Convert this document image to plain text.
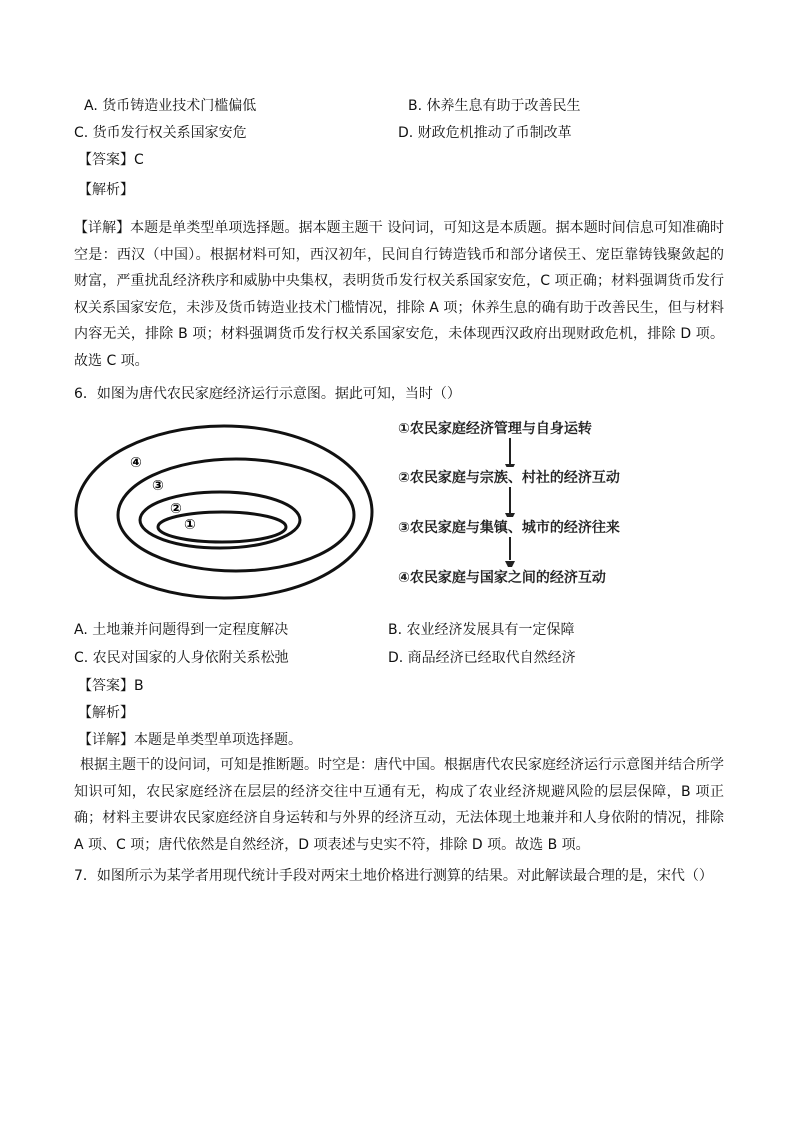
A. 货币铸造业技术门槛偏低	B. 休养生息有助于改善民生
C. 货币发行权关系国家安危	D. 财政危机推动了币制改革
【答案】C
【解析】
【详解】本题是单类型单项选择题。据本题主题干 设问词，可知这是本质题。据本题时间信息可知准确时空是：西汉（中国）。根据材料可知，西汉初年，民间自行铸造钱币和部分诸侯王、宠臣靠铸钱聚敛起的财富，严重扰乱经济秩序和威胁中央集权，表明货币发行权关系国家安危，C 项正确；材料强调货币发行权关系国家安危，未涉及货币铸造业技术门槛情况，排除 A 项；休养生息的确有助于改善民生，但与材料内容无关，排除 B 项；材料强调货币发行权关系国家安危，未体现西汉政府出现财政危机，排除 D 项。故选 C 项。
6．如图为唐代农民家庭经济运行示意图。据此可知，当时（）
①
②
③
④
①农民家庭经济管理与自身运转
②农民家庭与宗族、村社的经济互动
③农民家庭与集镇、城市的经济往来
④农民家庭与国家之间的经济互动
A. 土地兼并问题得到一定程度解决	B. 农业经济发展具有一定保障
C. 农民对国家的人身依附关系松弛	D. 商品经济已经取代自然经济
【答案】B
【解析】
【详解】本题是单类型单项选择题。
根据主题干的设问词，可知是推断题。时空是：唐代中国。根据唐代农民家庭经济运行示意图并结合所学知识可知，农民家庭经济在层层的经济交往中互通有无，构成了农业经济规避风险的层层保障，B 项正确；材料主要讲农民家庭经济自身运转和与外界的经济互动，无法体现土地兼并和人身依附的情况，排除 A 项、C 项；唐代依然是自然经济，D 项表述与史实不符，排除 D 项。故选 B 项。
7．如图所示为某学者用现代统计手段对两宋土地价格进行测算的结果。对此解读最合理的是，宋代（）
